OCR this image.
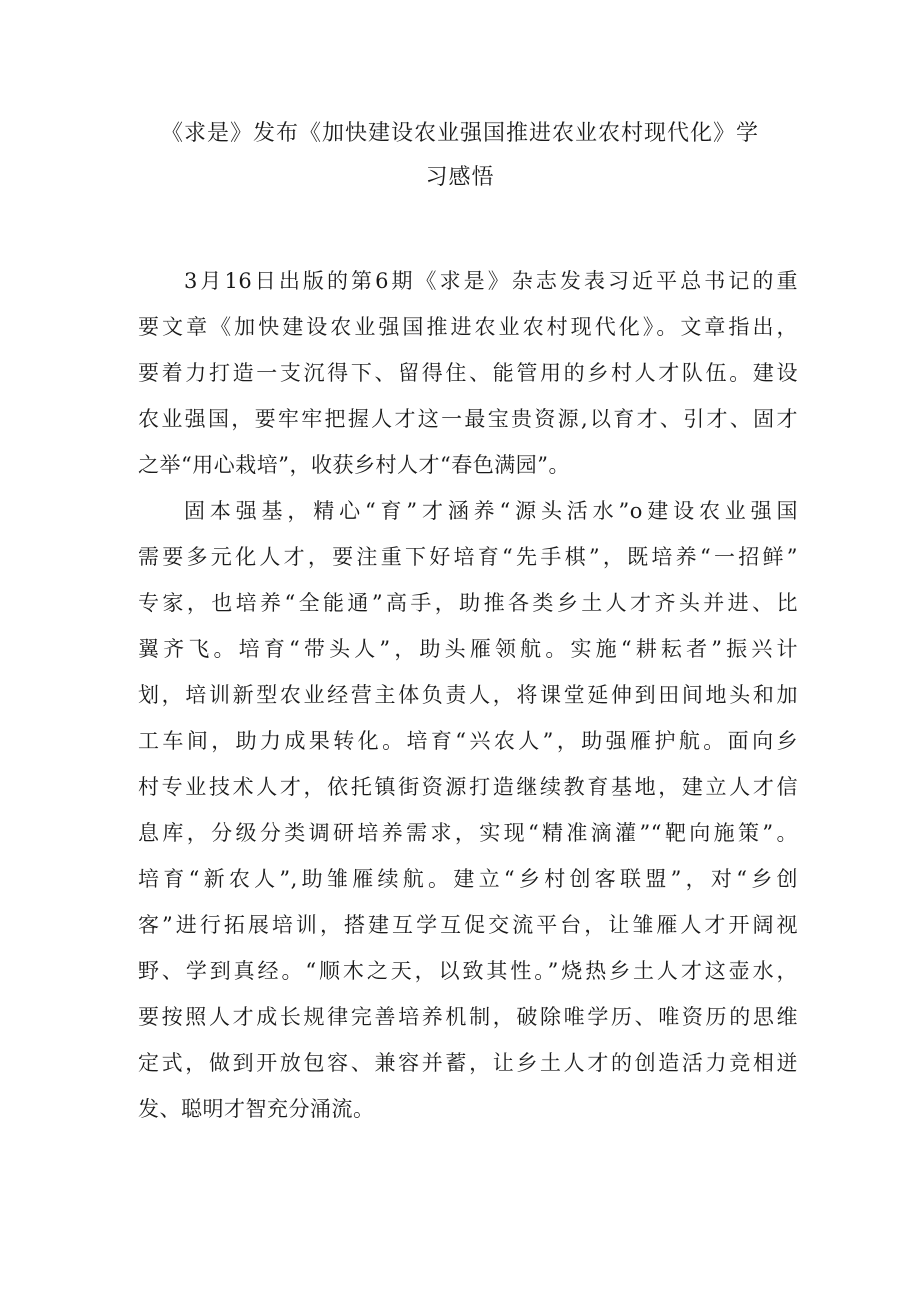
《求是》发布《加快建设农业强国推进农业农村现代化》学
习感悟
3月16日出版的第6期《求是》杂志发表习近平总书记的重
要文章《加快建设农业强国推进农业农村现代化》。文章指出，
要着力打造一支沉得下、留得住、能管用的乡村人才队伍。建设
农业强国，要牢牢把握人才这一最宝贵资源,以育才、引才、固才
之举“用心栽培”，收获乡村人才“春色满园”。
固本强基，精心“育”才涵养“源头活水”o建设农业强国
需要多元化人才，要注重下好培育“先手棋”，既培养“一招鲜”
专家，也培养“全能通”高手，助推各类乡土人才齐头并进、比
翼齐飞。培育“带头人”，助头雁领航。实施“耕耘者”振兴计
划，培训新型农业经营主体负责人，将课堂延伸到田间地头和加
工车间，助力成果转化。培育“兴农人”，助强雁护航。面向乡
村专业技术人才，依托镇街资源打造继续教育基地，建立人才信
息库，分级分类调研培养需求，实现“精准滴灌”“靶向施策”。
培育“新农人”,助雏雁续航。建立“乡村创客联盟”，对“乡创
客”进行拓展培训，搭建互学互促交流平台，让雏雁人才开阔视
野、学到真经。“顺木之天，以致其性。”烧热乡土人才这壶水，
要按照人才成长规律完善培养机制，破除唯学历、唯资历的思维
定式，做到开放包容、兼容并蓄，让乡土人才的创造活力竞相迸
发、聪明才智充分涌流。
